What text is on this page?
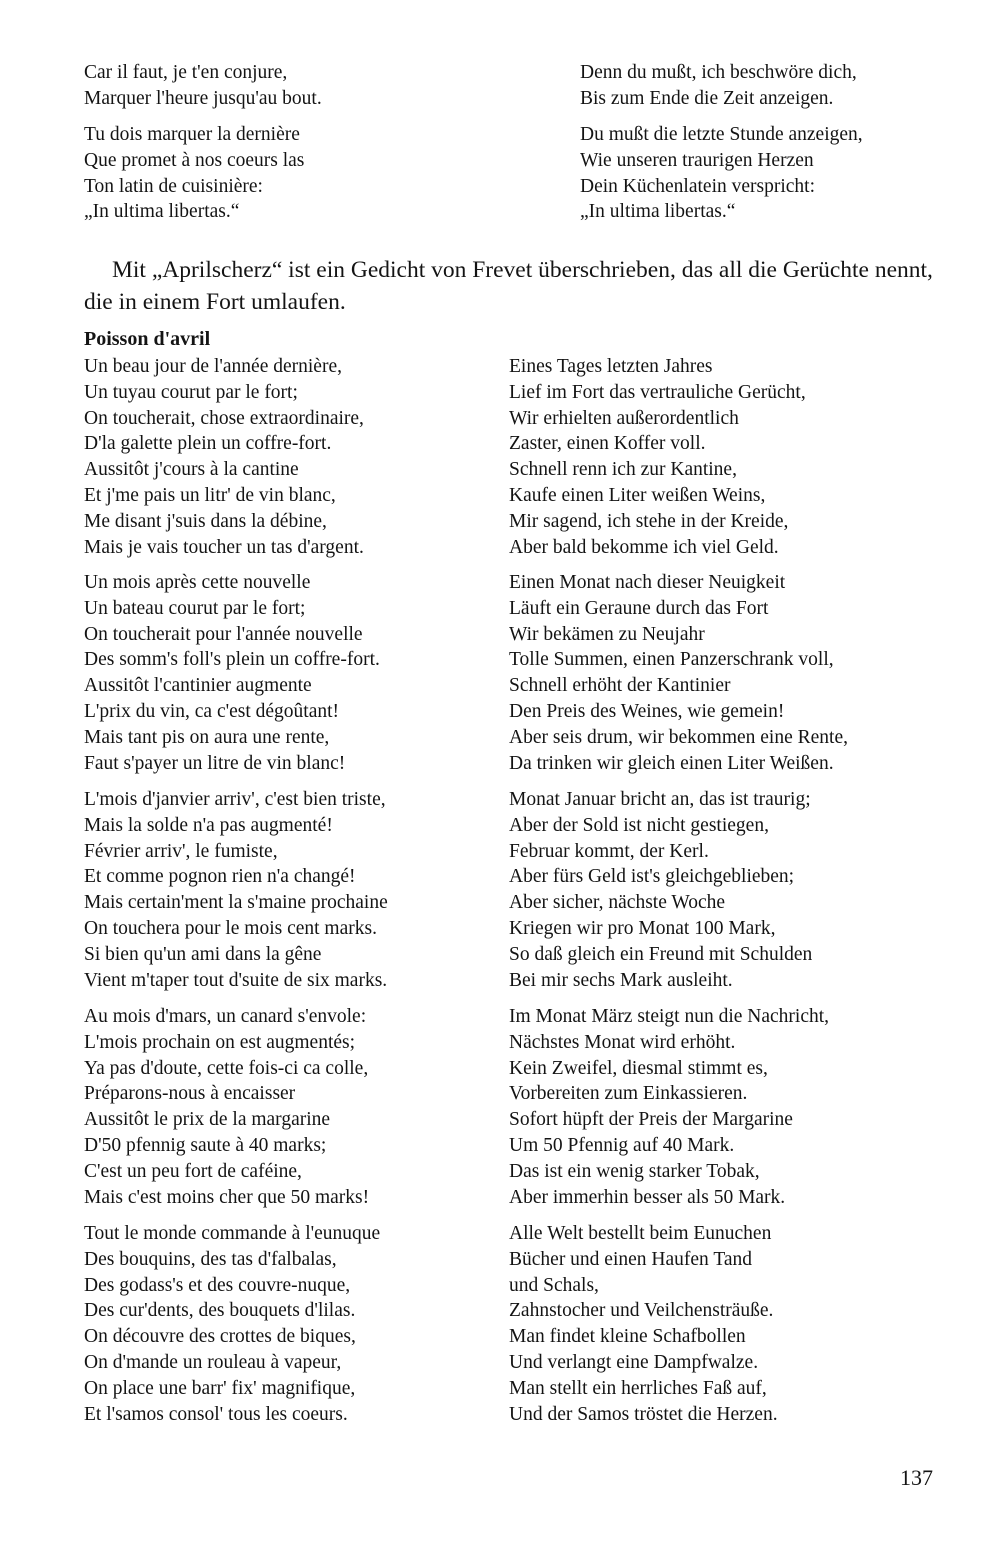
Car il faut, je t'en conjure,
Marquer l'heure jusqu'au bout.
Denn du mußt, ich beschwöre dich,
Bis zum Ende die Zeit anzeigen.
Tu dois marquer la dernière
Que promet à nos coeurs las
Ton latin de cuisinière:
„In ultima libertas.“
Du mußt die letzte Stunde anzeigen,
Wie unseren traurigen Herzen
Dein Küchenlatein verspricht:
„In ultima libertas.“

Mit „Aprilscherz“ ist ein Gedicht von Frevet überschrieben, das all die Gerüchte nennt, die in einem Fort umlaufen.

Poisson d'avril

Un beau jour de l'année dernière,
Un tuyau courut par le fort;
On toucherait, chose extraordinaire,
D'la galette plein un coffre-fort.
Aussitôt j'cours à la cantine
Et j'me pais un litr' de vin blanc,
Me disant j'suis dans la débine,
Mais je vais toucher un tas d'argent.
Eines Tages letzten Jahres
Lief im Fort das vertrauliche Gerücht,
Wir erhielten außerordentlich
Zaster, einen Koffer voll.
Schnell renn ich zur Kantine,
Kaufe einen Liter weißen Weins,
Mir sagend, ich stehe in der Kreide,
Aber bald bekomme ich viel Geld.
Un mois après cette nouvelle
Un bateau courut par le fort;
On toucherait pour l'année nouvelle
Des somm's foll's plein un coffre-fort.
Aussitôt l'cantinier augmente
L'prix du vin, ca c'est dégoûtant!
Mais tant pis on aura une rente,
Faut s'payer un litre de vin blanc!
Einen Monat nach dieser Neuigkeit
Läuft ein Geraune durch das Fort
Wir bekämen zu Neujahr
Tolle Summen, einen Panzerschrank voll,
Schnell erhöht der Kantinier
Den Preis des Weines, wie gemein!
Aber seis drum, wir bekommen eine Rente,
Da trinken wir gleich einen Liter Weißen.
L'mois d'janvier arriv', c'est bien triste,
Mais la solde n'a pas augmenté!
Février arriv', le fumiste,
Et comme pognon rien n'a changé!
Mais certain'ment la s'maine prochaine
On touchera pour le mois cent marks.
Si bien qu'un ami dans la gêne
Vient m'taper tout d'suite de six marks.
Monat Januar bricht an, das ist traurig;
Aber der Sold ist nicht gestiegen,
Februar kommt, der Kerl.
Aber fürs Geld ist's gleichgeblieben;
Aber sicher, nächste Woche
Kriegen wir pro Monat 100 Mark,
So daß gleich ein Freund mit Schulden
Bei mir sechs Mark ausleiht.
Au mois d'mars, un canard s'envole:
L'mois prochain on est augmentés;
Ya pas d'doute, cette fois-ci ca colle,
Préparons-nous à encaisser
Aussitôt le prix de la margarine
D'50 pfennig saute à 40 marks;
C'est un peu fort de caféine,
Mais c'est moins cher que 50 marks!
Im Monat März steigt nun die Nachricht,
Nächstes Monat wird erhöht.
Kein Zweifel, diesmal stimmt es,
Vorbereiten zum Einkassieren.
Sofort hüpft der Preis der Margarine
Um 50 Pfennig auf 40 Mark.
Das ist ein wenig starker Tobak,
Aber immerhin besser als 50 Mark.
Tout le monde commande à l'eunuque
Des bouquins, des tas d'falbalas,
Des godass's et des couvre-nuque,
Des cur'dents, des bouquets d'lilas.
On découvre des crottes de biques,
On d'mande un rouleau à vapeur,
On place une barr' fix' magnifique,
Et l'samos consol' tous les coeurs.
Alle Welt bestellt beim Eunuchen
Bücher und einen Haufen Tand
und Schals,
Zahnstocher und Veilchensträuße.
Man findet kleine Schafbollen
Und verlangt eine Dampfwalze.
Man stellt ein herrliches Faß auf,
Und der Samos tröstet die Herzen.
137
